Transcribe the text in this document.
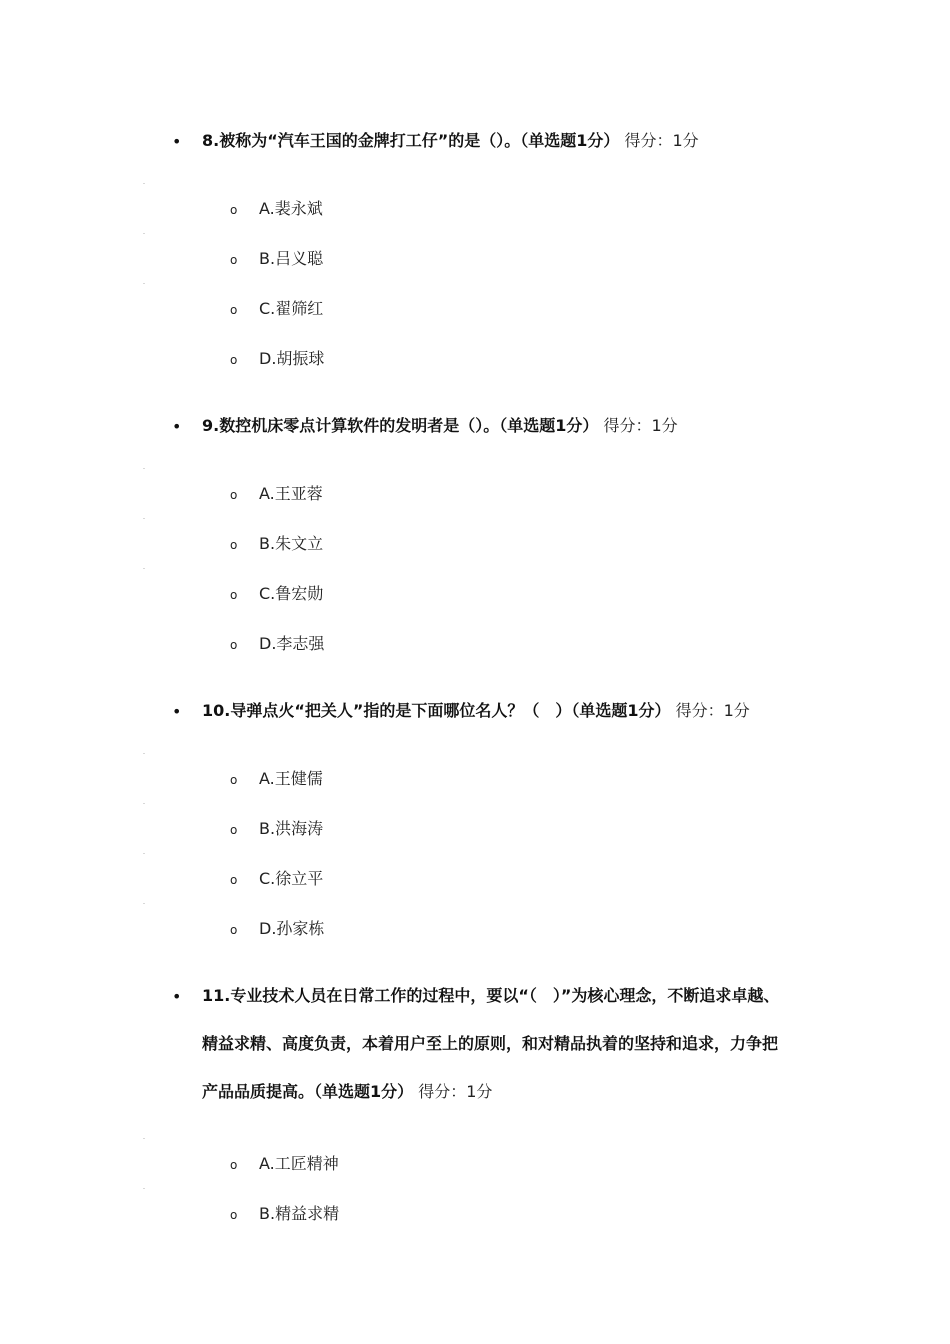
• 8.被称为“汽车王国的金牌打工仔”的是（）。（单选题1分） 得分：1分
o A.裴永斌
o B.吕义聪
o C.翟筛红
o D.胡振球
• 9.数控机床零点计算软件的发明者是（）。（单选题1分） 得分：1分
o A.王亚蓉
o B.朱文立
o C.鲁宏勋
o D.李志强
• 10.导弹点火“把关人”指的是下面哪位名人？（　）（单选题1分） 得分：1分
o A.王健儒
o B.洪海涛
o C.徐立平
o D.孙家栋
• 11.专业技术人员在日常工作的过程中，要以“（　）”为核心理念，不断追求卓越、
精益求精、高度负责，本着用户至上的原则，和对精品执着的坚持和追求，力争把
产品品质提高。（单选题1分） 得分：1分
o A.工匠精神
o B.精益求精
